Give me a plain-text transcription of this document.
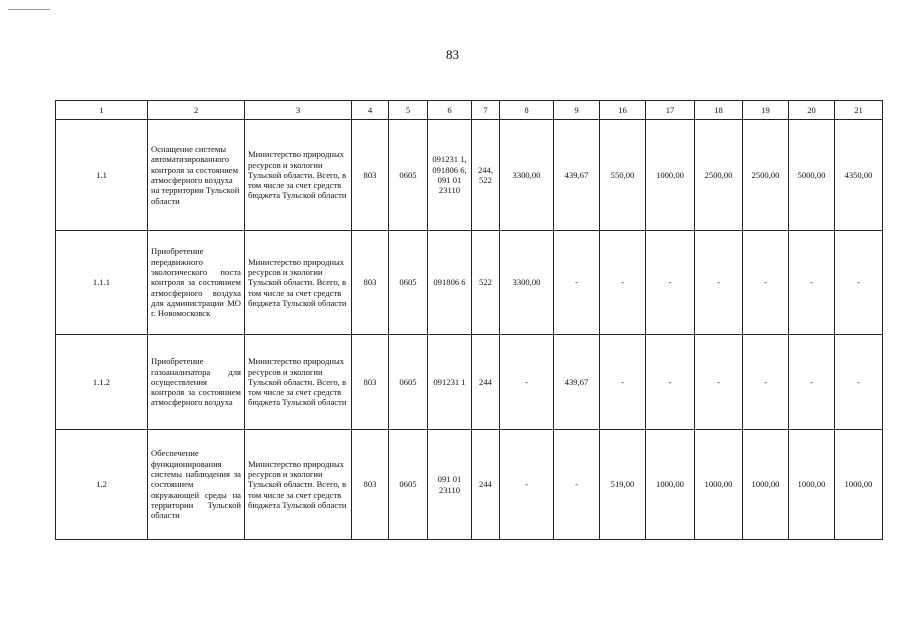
83
1	2	3	4	5	6	7	8	9	16	17	18	19	20	21
1.1	Оснащение системы автоматизированного контроля за состоянием атмосферного воздуха на территории Тульской области	Министерство природных ресурсов и экологии Тульской области. Всего, в том числе за счет средств бюджета Тульской области	803	0605	091231 1, 091806 6, 091 01 23110	244, 522	3300,00	439,67	550,00	1000,00	2500,00	2500,00	5000,00	4350,00
1.1.1	Приобретение передвижного экологического поста контроля за состоянием атмосферного воздуха для администрации МО г. Новомосковск	Министерство природных ресурсов и экологии Тульской области. Всего, в том числе за счет средств бюджета Тульской области	803	0605	091806 6	522	3300,00	-	-	-	-	-	-	-
1.1.2	Приобретение газоанализатора для осуществления контроля за состоянием атмосферного воздуха	Министерство природных ресурсов и экологии Тульской области. Всего, в том числе за счет средств бюджета Тульской области	803	0605	091231 1	244	-	439,67	-	-	-	-	-	-
1.2	Обеспечение функционирования системы наблюдения за состоянием окружающей среды на территории Тульской области	Министерство природных ресурсов и экологии Тульской области. Всего, в том числе за счет средств бюджета Тульской области	803	0605	091 01 23110	244	-	-	519,00	1000,00	1000,00	1000,00	1000,00	1000,00
